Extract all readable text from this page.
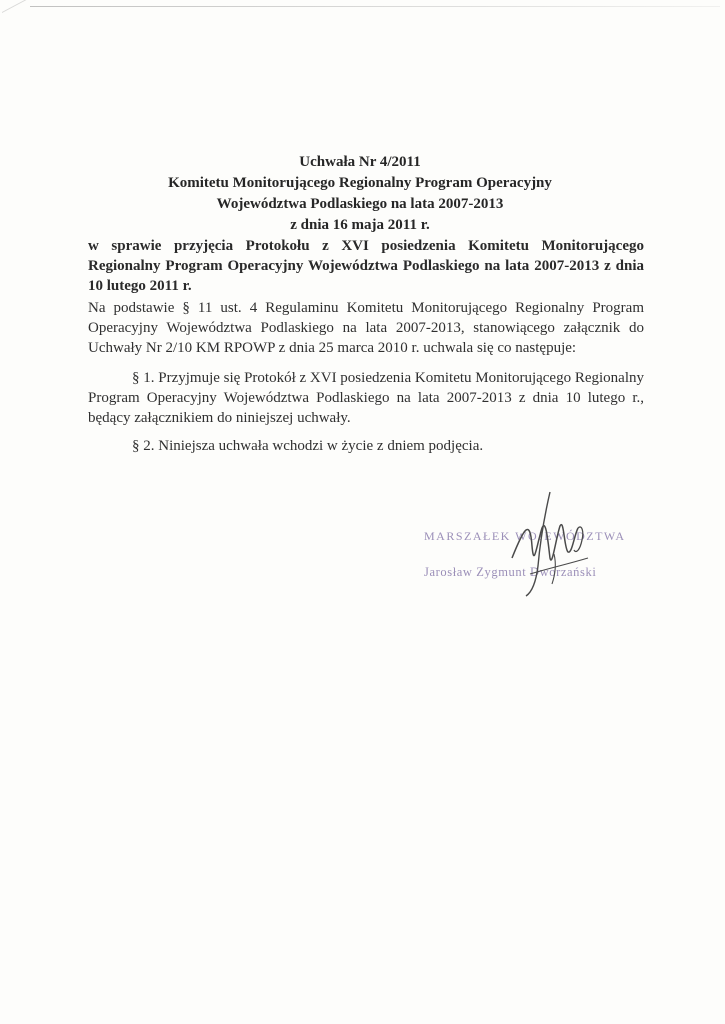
Uchwała Nr 4/2011
Komitetu Monitorującego Regionalny Program Operacyjny
Województwa Podlaskiego na lata 2007-2013
z dnia 16 maja 2011 r.
w sprawie przyjęcia Protokołu z XVI posiedzenia Komitetu Monitorującego Regionalny Program Operacyjny Województwa Podlaskiego na lata 2007-2013 z dnia 10 lutego 2011 r.
Na podstawie § 11 ust. 4 Regulaminu Komitetu Monitorującego Regionalny Program Operacyjny Województwa Podlaskiego na lata 2007-2013, stanowiącego załącznik do Uchwały Nr 2/10 KM RPOWP z dnia 25 marca 2010 r. uchwala się co następuje:
§ 1. Przyjmuje się Protokół z XVI posiedzenia Komitetu Monitorującego Regionalny Program Operacyjny Województwa Podlaskiego na lata 2007-2013 z dnia 10 lutego r., będący załącznikiem do niniejszej uchwały.
§ 2. Niniejsza uchwała wchodzi w życie z dniem podjęcia.
MARSZAŁEK WOJEWÓDZTWA
Jarosław Zygmunt Dworzański
